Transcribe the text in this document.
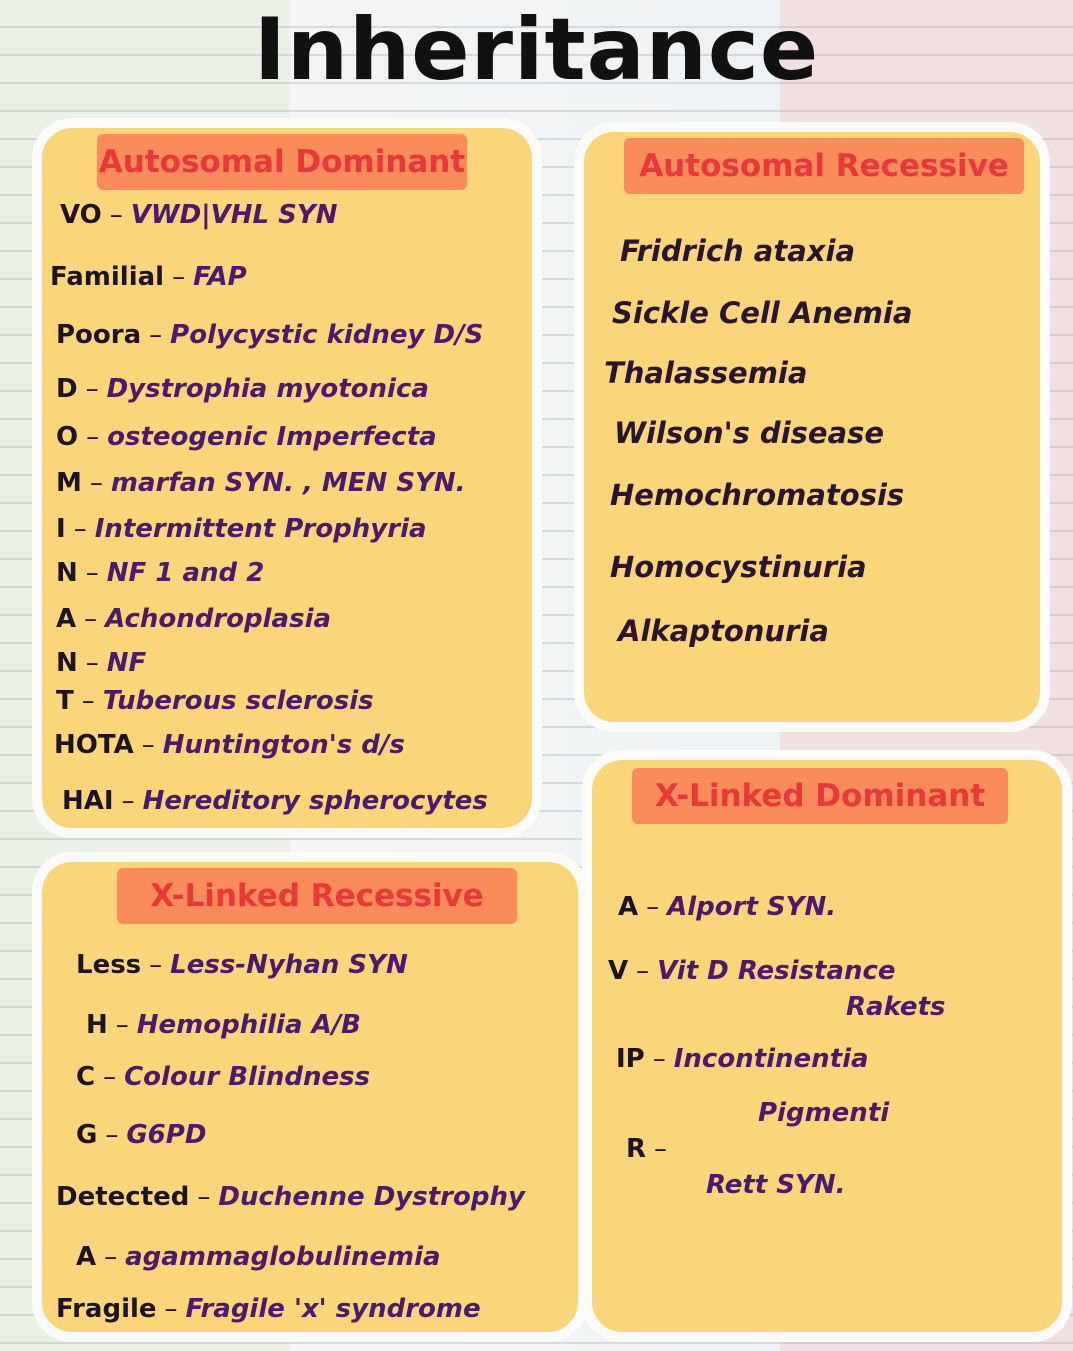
Inheritance
Autosomal Dominant
VO – VWD|VHL SYN
Familial – FAP
Poora – Polycystic kidney D/S
D – Dystrophia myotonica
O – osteogenic Imperfecta
M – marfan SYN. , MEN SYN.
I – Intermittent Prophyria
N – NF 1 and 2
A – Achondroplasia
N – NF
T – Tuberous sclerosis
HOTA – Huntington's d/s
HAI – Hereditory spherocytes
Autosomal Recessive
Fridrich ataxia
Sickle Cell Anemia
Thalassemia
Wilson's disease
Hemochromatosis
Homocystinuria
Alkaptonuria
X-Linked Recessive
Less – Less-Nyhan SYN
H – Hemophilia A/B
C – Colour Blindness
G – G6PD
Detected – Duchenne Dystrophy
A – agammaglobulinemia
Fragile – Fragile 'x' syndrome
X-Linked Dominant
A – Alport SYN.
V – Vit D Resistance
Rakets
IP – Incontinentia
Pigmenti
R –
Rett SYN.
